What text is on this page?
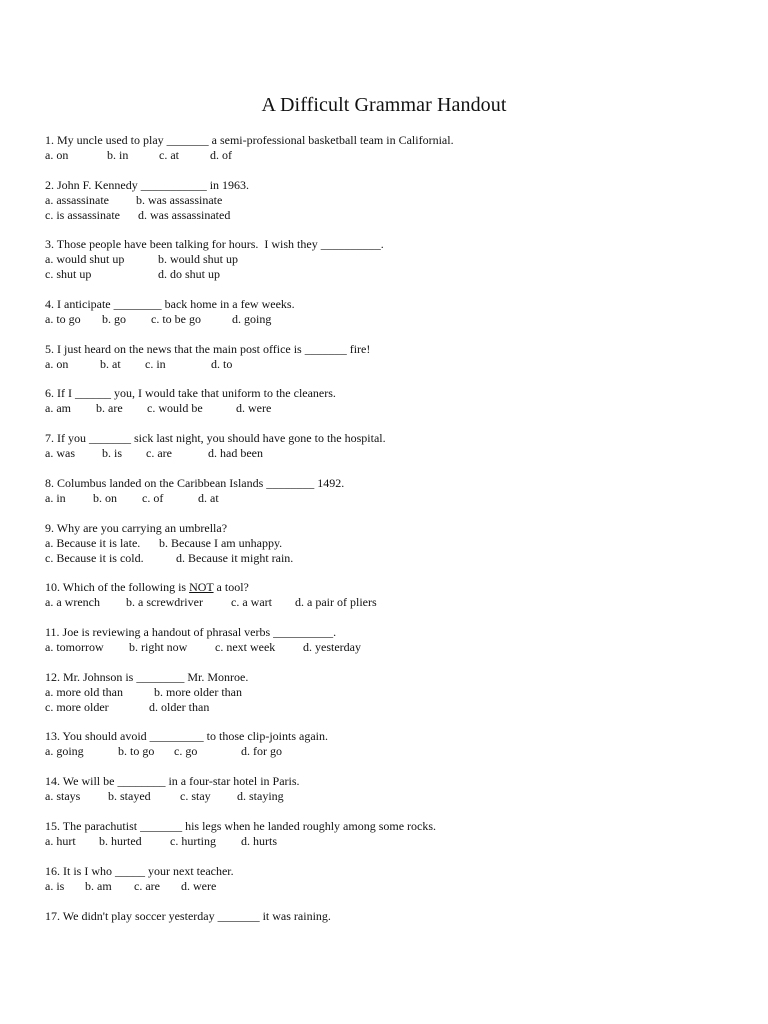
A Difficult Grammar Handout
1. My uncle used to play _______ a semi-professional basketball team in Californial.
a. on	b. in	c. at	d. of
2. John F. Kennedy ___________ in 1963.
a. assassinate b. was assassinate
c. is assassinate d. was assassinated
3. Those people have been talking for hours.  I wish they __________.
a. would shut up	b. would shut up
c. shut up	d. do shut up
4. I anticipate ________ back home in a few weeks.
a. to go b. go c. to be go	d. going
5. I just heard on the news that the main post office is _______ fire!
a. on	b. at c. in	d. to
6. If I ______ you, I would take that uniform to the cleaners.
a. am b. are c. would be	d. were
7. If you _______ sick last night, you should have gone to the hospital.
a. was b. is c. are	d. had been
8. Columbus landed on the Caribbean Islands ________ 1492.
a. in b. on c. of	d. at
9. Why are you carrying an umbrella?
a. Because it is late. b. Because I am unhappy.
c. Because it is cold.	d. Because it might rain.
10. Which of the following is NOT a tool?
a. a wrench b. a screwdriver c. a wart d. a pair of pliers
11. Joe is reviewing a handout of phrasal verbs __________.
a. tomorrow b. right now c. next week d. yesterday
12. Mr. Johnson is ________ Mr. Monroe.
a. more old than	b. more older than
c. more older	d. older than
13. You should avoid _________ to those clip-joints again.
a. going	b. to go c. go	d. for go
14. We will be ________ in a four-star hotel in Paris.
a. stays b. stayed c. stay d. staying
15. The parachutist _______ his legs when he landed roughly among some rocks.
a. hurt b. hurted c. hurting d. hurts
16. It is I who _____ your next teacher.
a. is b. am c. are d. were
17. We didn't play soccer yesterday _______ it was raining.
